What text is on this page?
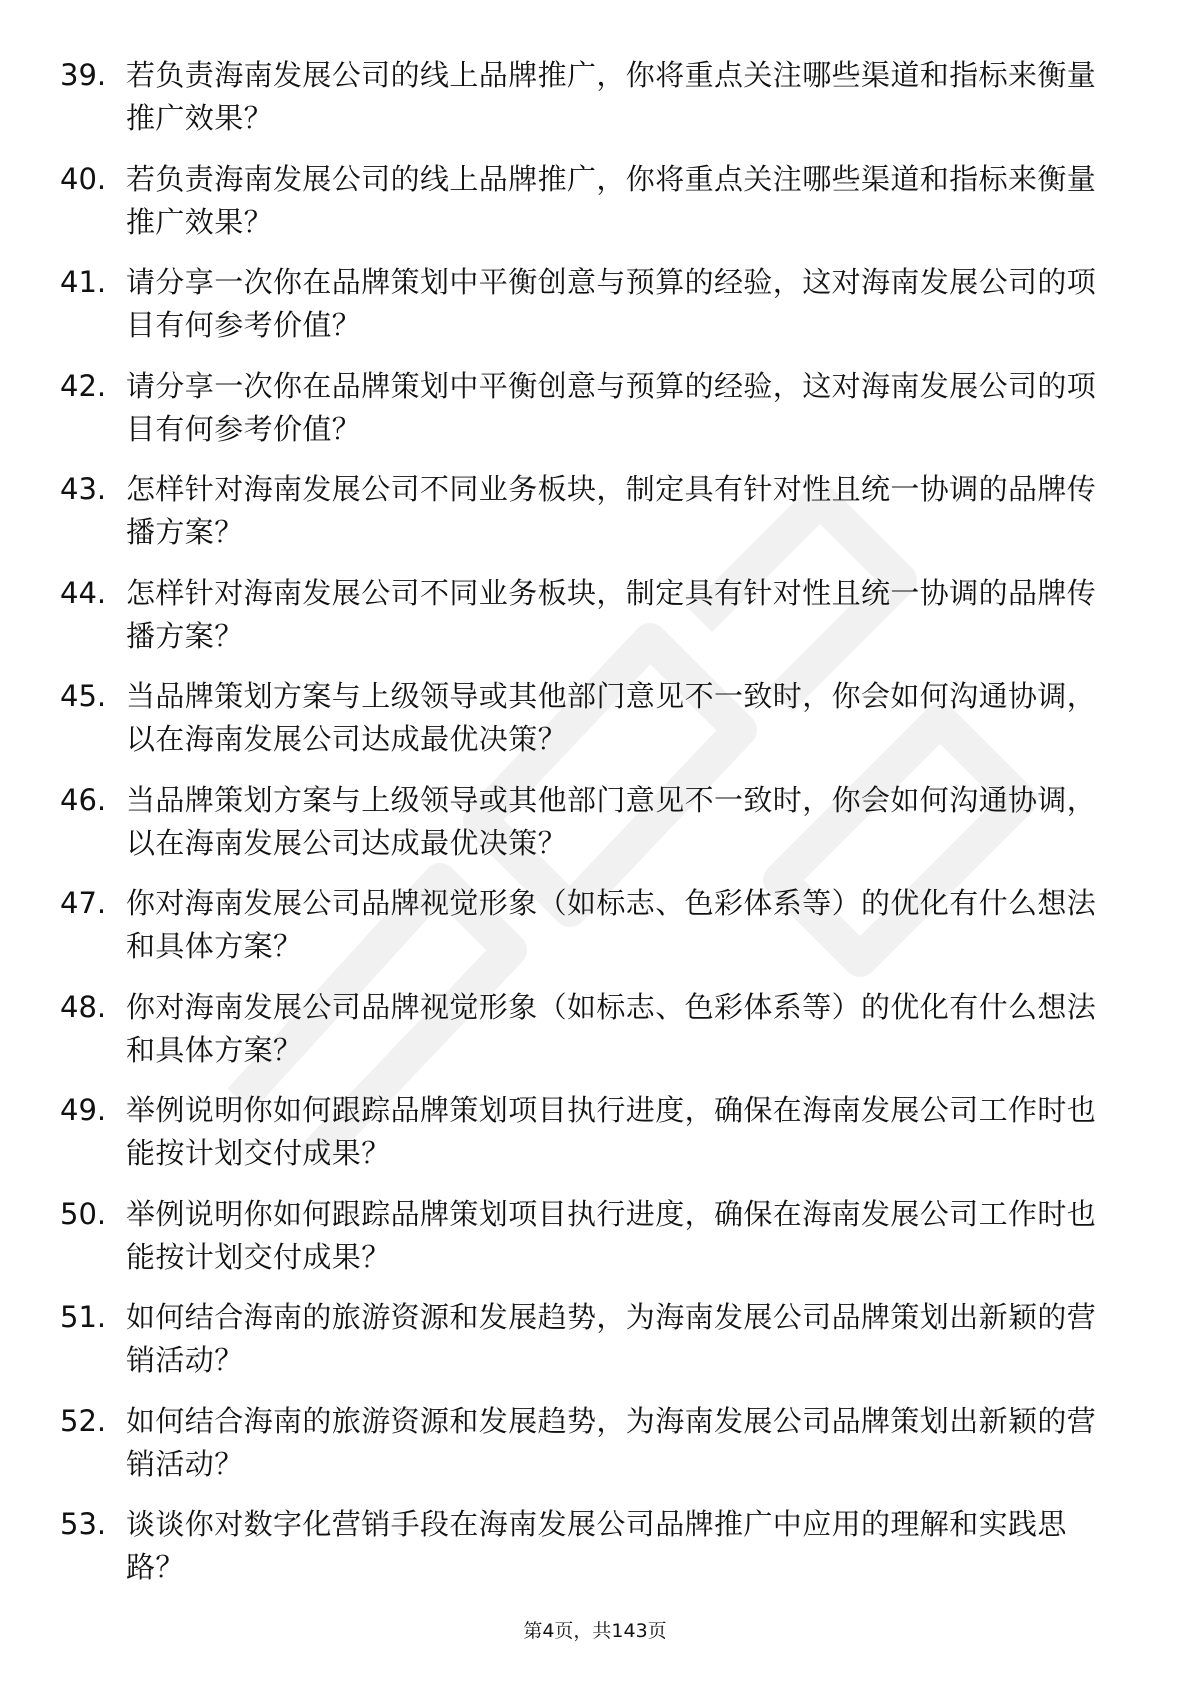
39. 若负责海南发展公司的线上品牌推广，你将重点关注哪些渠道和指标来衡量推广效果？
40. 若负责海南发展公司的线上品牌推广，你将重点关注哪些渠道和指标来衡量推广效果？
41. 请分享一次你在品牌策划中平衡创意与预算的经验，这对海南发展公司的项目有何参考价值？
42. 请分享一次你在品牌策划中平衡创意与预算的经验，这对海南发展公司的项目有何参考价值？
43. 怎样针对海南发展公司不同业务板块，制定具有针对性且统一协调的品牌传播方案？
44. 怎样针对海南发展公司不同业务板块，制定具有针对性且统一协调的品牌传播方案？
45. 当品牌策划方案与上级领导或其他部门意见不一致时，你会如何沟通协调，以在海南发展公司达成最优决策？
46. 当品牌策划方案与上级领导或其他部门意见不一致时，你会如何沟通协调，以在海南发展公司达成最优决策？
47. 你对海南发展公司品牌视觉形象（如标志、色彩体系等）的优化有什么想法和具体方案？
48. 你对海南发展公司品牌视觉形象（如标志、色彩体系等）的优化有什么想法和具体方案？
49. 举例说明你如何跟踪品牌策划项目执行进度，确保在海南发展公司工作时也能按计划交付成果？
50. 举例说明你如何跟踪品牌策划项目执行进度，确保在海南发展公司工作时也能按计划交付成果？
51. 如何结合海南的旅游资源和发展趋势，为海南发展公司品牌策划出新颖的营销活动？
52. 如何结合海南的旅游资源和发展趋势，为海南发展公司品牌策划出新颖的营销活动？
53. 谈谈你对数字化营销手段在海南发展公司品牌推广中应用的理解和实践思路？
第4页，共143页
